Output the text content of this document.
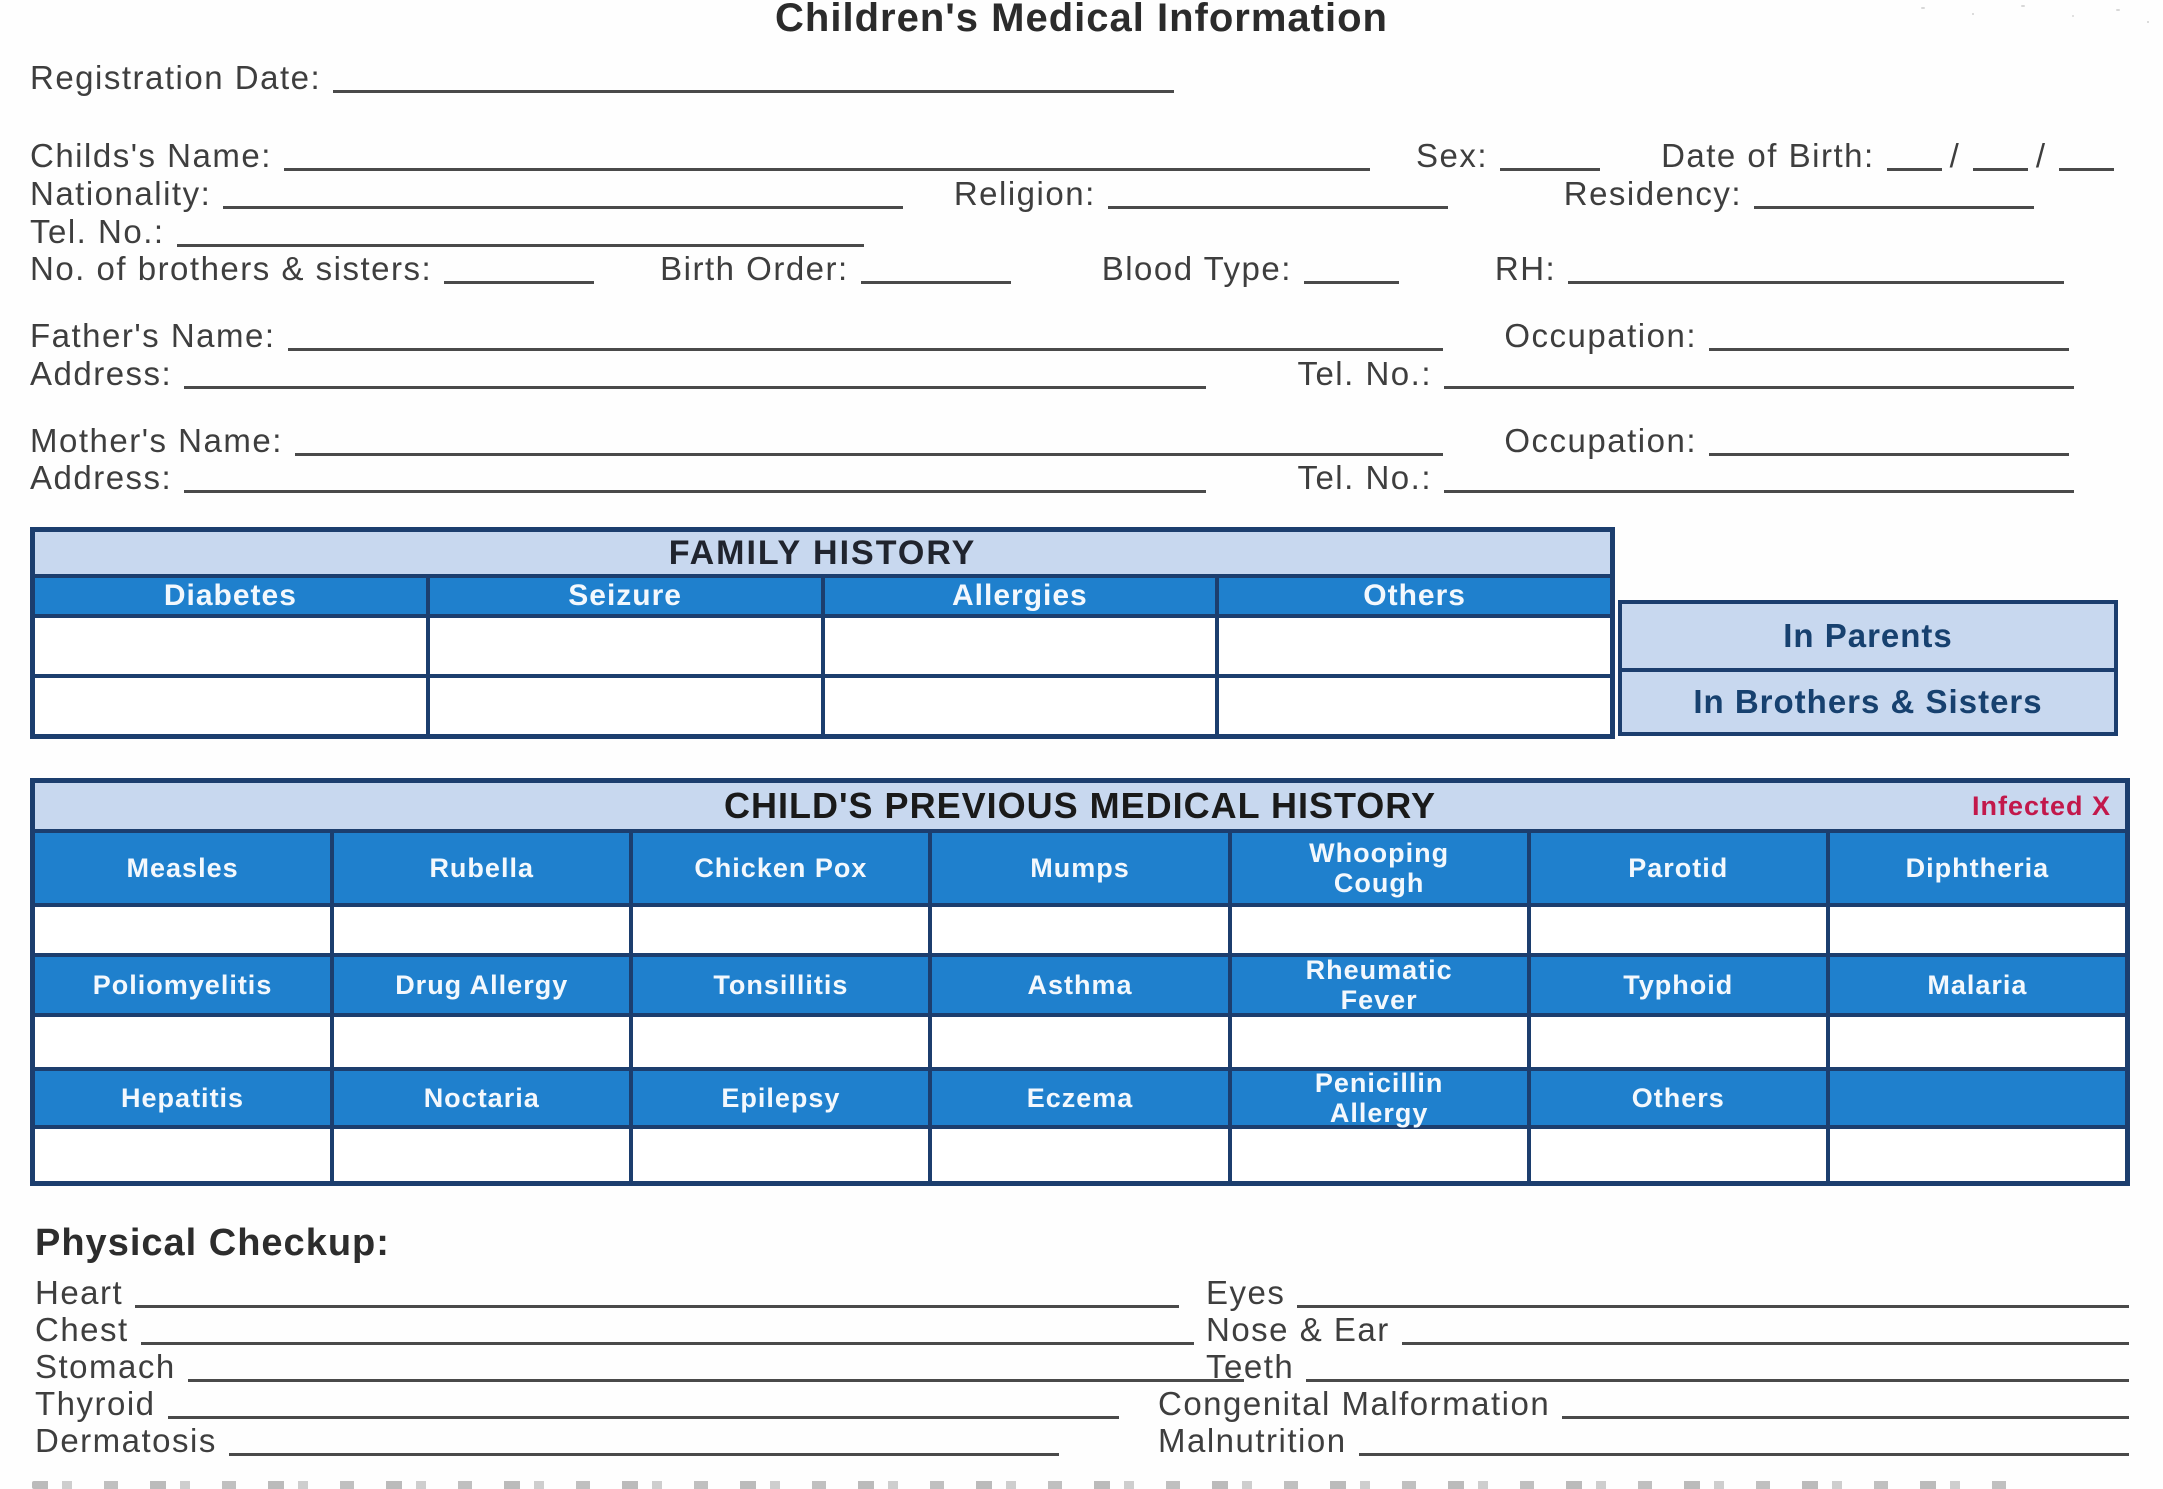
Children's Medical Information
Registration Date:
Childs's Name:	Sex:	Date of Birth: / /
Nationality:	Religion:	Residency:
Tel. No.:
No. of brothers & sisters:	Birth Order:	Blood Type:	RH:
Father's Name:	Occupation:
Address:	Tel. No.:
Mother's Name:	Occupation:
Address:	Tel. No.:
FAMILY HISTORY
Diabetes	Seizure	Allergies	Others
In Parents
In Brothers & Sisters
CHILD'S PREVIOUS MEDICAL HISTORY	Infected X
Measles	Rubella	Chicken Pox	Mumps	Whooping Cough	Parotid	Diphtheria
Poliomyelitis	Drug Allergy	Tonsillitis	Asthma	Rheumatic Fever	Typhoid	Malaria
Hepatitis	Noctaria	Epilepsy	Eczema	Penicillin Allergy	Others
Physical Checkup:
Heart
Chest
Stomach
Thyroid
Dermatosis
Eyes
Nose & Ear
Teeth
Congenital Malformation
Malnutrition
